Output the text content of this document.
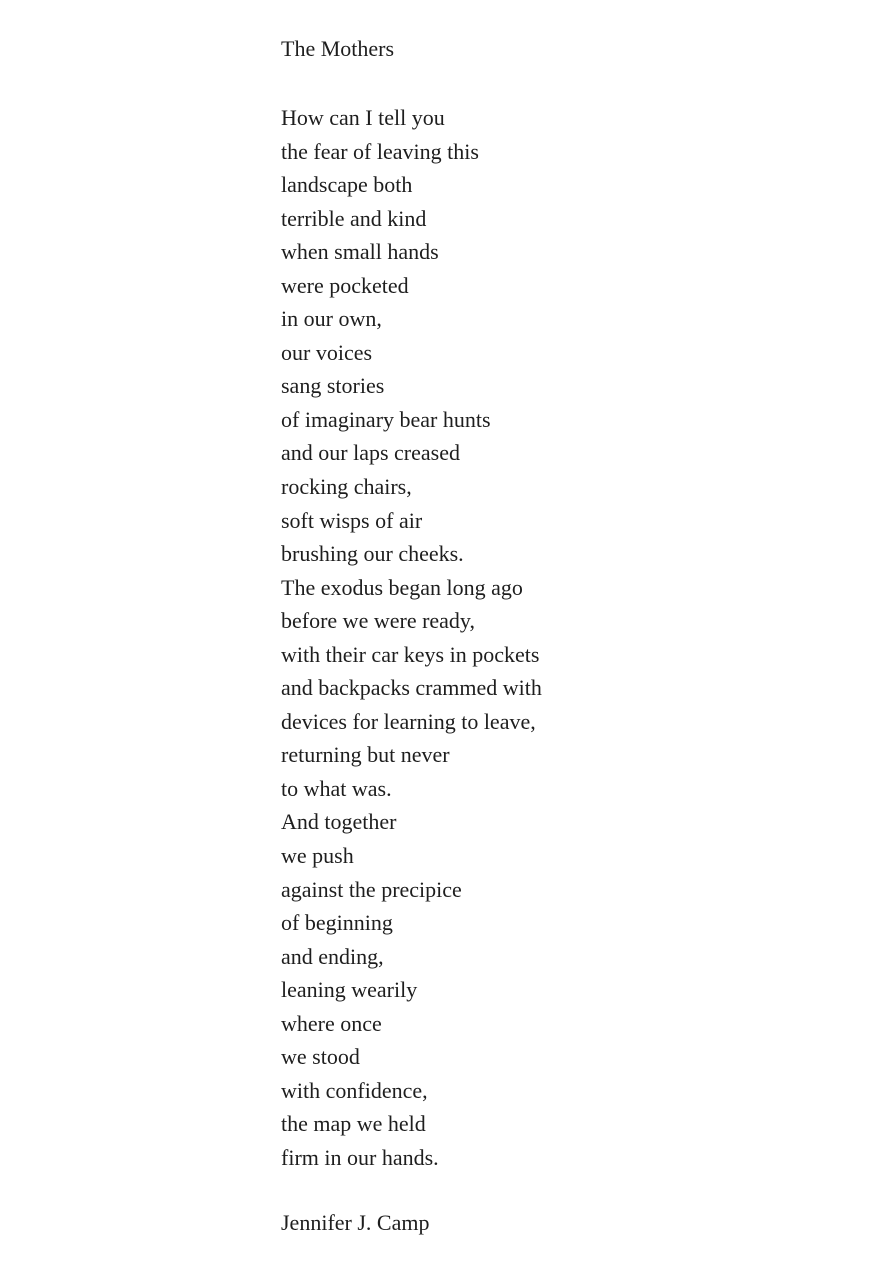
The Mothers
How can I tell you
the fear of leaving this
landscape both
terrible and kind
when small hands
were pocketed
in our own,
our voices
sang stories
of imaginary bear hunts
and our laps creased
rocking chairs,
soft wisps of air
brushing our cheeks.
The exodus began long ago
before we were ready,
with their car keys in pockets
and backpacks crammed with
devices for learning to leave,
returning but never
to what was.
And together
we push
against the precipice
of beginning
and ending,
leaning wearily
where once
we stood
with confidence,
the map we held
firm in our hands.
Jennifer J. Camp
